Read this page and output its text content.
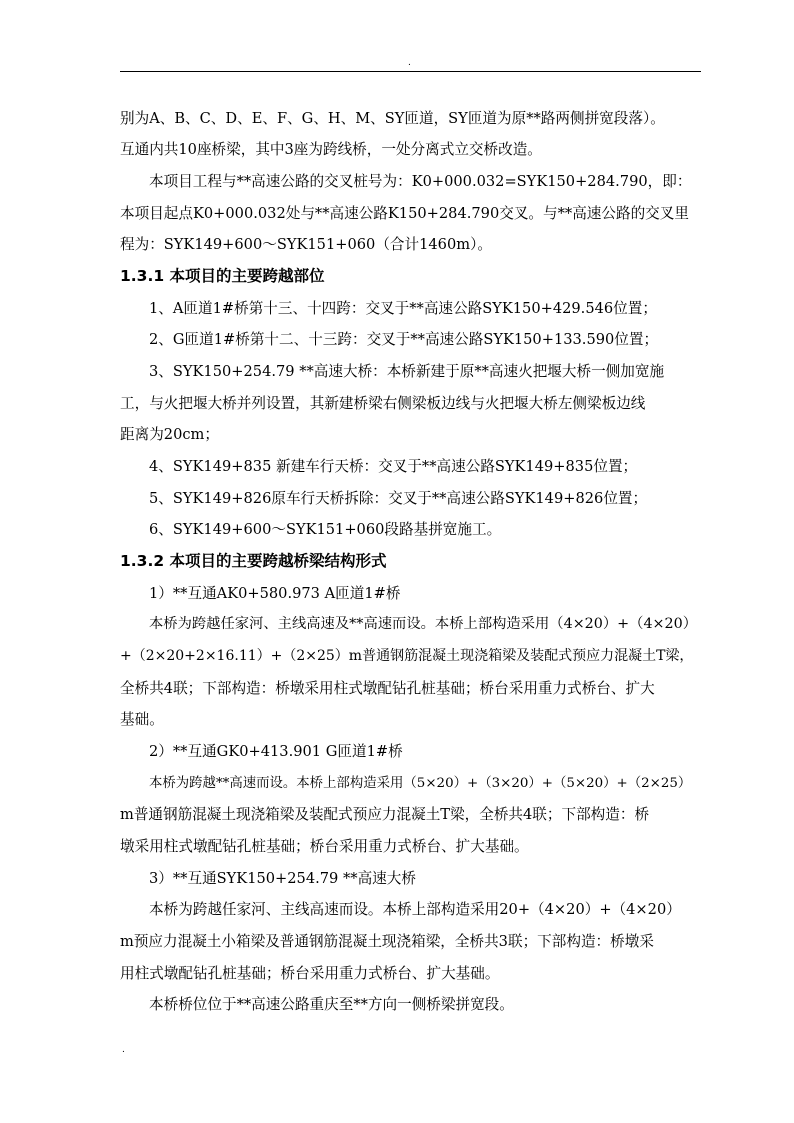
.
别为A、B、C、D、E、F、G、H、M、SY匝道，SY匝道为原**路两侧拼宽段落）。
互通内共10座桥梁，其中3座为跨线桥，一处分离式立交桥改造。
本项目工程与**高速公路的交叉桩号为：K0+000.032=SYK150+284.790，即：
本项目起点K0+000.032处与**高速公路K150+284.790交叉。与**高速公路的交叉里
程为：SYK149+600～SYK151+060（合计1460m）。
1.3.1 本项目的主要跨越部位
1、A匝道1#桥第十三、十四跨：交叉于**高速公路SYK150+429.546位置；
2、G匝道1#桥第十二、十三跨：交叉于**高速公路SYK150+133.590位置；
3、SYK150+254.79 **高速大桥：本桥新建于原**高速火把堰大桥一侧加宽施
工，与火把堰大桥并列设置，其新建桥梁右侧梁板边线与火把堰大桥左侧梁板边线
距离为20cm；
4、SYK149+835 新建车行天桥：交叉于**高速公路SYK149+835位置；
5、SYK149+826原车行天桥拆除：交叉于**高速公路SYK149+826位置；
6、SYK149+600～SYK151+060段路基拼宽施工。
1.3.2 本项目的主要跨越桥梁结构形式
1）**互通AK0+580.973 A匝道1#桥
本桥为跨越任家河、主线高速及**高速而设。本桥上部构造采用（4×20）+（4×20）
+（2×20+2×16.11）+（2×25）m普通钢筋混凝土现浇箱梁及装配式预应力混凝土T梁，
全桥共4联；下部构造：桥墩采用柱式墩配钻孔桩基础；桥台采用重力式桥台、扩大
基础。
2）**互通GK0+413.901 G匝道1#桥
本桥为跨越**高速而设。本桥上部构造采用（5×20）+（3×20）+（5×20）+（2×25）
m普通钢筋混凝土现浇箱梁及装配式预应力混凝土T梁，全桥共4联；下部构造：桥
墩采用柱式墩配钻孔桩基础；桥台采用重力式桥台、扩大基础。
3）**互通SYK150+254.79 **高速大桥
本桥为跨越任家河、主线高速而设。本桥上部构造采用20+（4×20）+（4×20）
m预应力混凝土小箱梁及普通钢筋混凝土现浇箱梁，全桥共3联；下部构造：桥墩采
用柱式墩配钻孔桩基础；桥台采用重力式桥台、扩大基础。
本桥桥位位于**高速公路重庆至**方向一侧桥梁拼宽段。
.
